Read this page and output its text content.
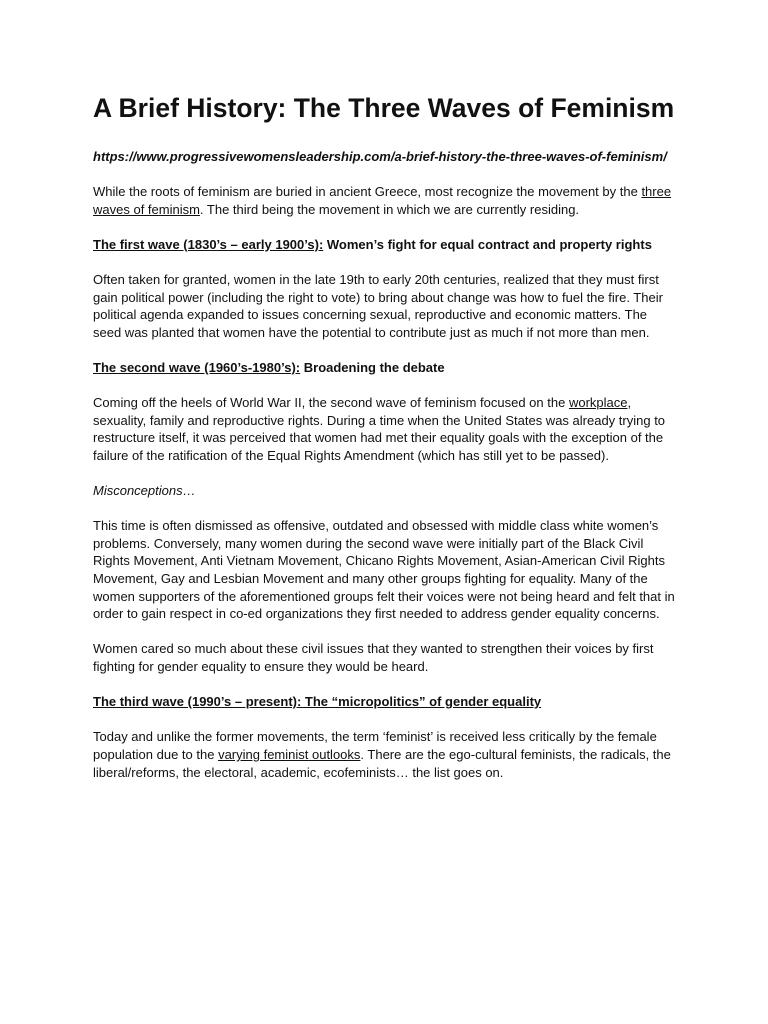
A Brief History: The Three Waves of Feminism
https://www.progressivewomensleadership.com/a-brief-history-the-three-waves-of-feminism/

While the roots of feminism are buried in ancient Greece, most recognize the movement by the three waves of feminism. The third being the movement in which we are currently residing.

The first wave (1830’s – early 1900’s): Women’s fight for equal contract and property rights

Often taken for granted, women in the late 19th to early 20th centuries, realized that they must first gain political power (including the right to vote) to bring about change was how to fuel the fire. Their political agenda expanded to issues concerning sexual, reproductive and economic matters. The seed was planted that women have the potential to contribute just as much if not more than men.

The second wave (1960’s-1980’s): Broadening the debate

Coming off the heels of World War II, the second wave of feminism focused on the workplace, sexuality, family and reproductive rights. During a time when the United States was already trying to restructure itself, it was perceived that women had met their equality goals with the exception of the failure of the ratification of the Equal Rights Amendment (which has still yet to be passed).

Misconceptions…

This time is often dismissed as offensive, outdated and obsessed with middle class white women’s problems. Conversely, many women during the second wave were initially part of the Black Civil Rights Movement, Anti Vietnam Movement, Chicano Rights Movement, Asian-American Civil Rights Movement, Gay and Lesbian Movement and many other groups fighting for equality. Many of the women supporters of the aforementioned groups felt their voices were not being heard and felt that in order to gain respect in co-ed organizations they first needed to address gender equality concerns.

Women cared so much about these civil issues that they wanted to strengthen their voices by first fighting for gender equality to ensure they would be heard.

The third wave (1990’s – present): The “micropolitics” of gender equality

Today and unlike the former movements, the term ‘feminist’ is received less critically by the female population due to the varying feminist outlooks. There are the ego-cultural feminists, the radicals, the liberal/reforms, the electoral, academic, ecofeminists… the list goes on.
